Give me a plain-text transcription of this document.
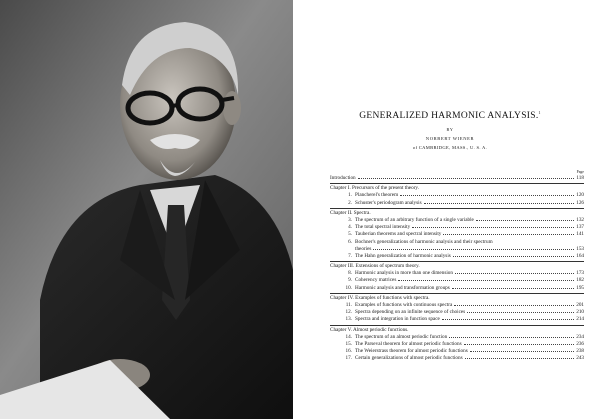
GENERALIZED HARMONIC ANALYSIS.$^1$
BY
NORBERT WIENER
of CAMBRIDGE, MASS., U. S. A.
Page
Introduction	118
Chapter I. Precursors of the present theory.
1. Plancherel's theorem	120
2. Schuster's periodogram analysis	126
Chapter II. Spectra.
3. The spectrum of an arbitrary function of a single variable	132
4. The total spectral intensity	137
5. Tauberian theorems and spectral intensity	141
6. Bochner's generalizations of harmonic analysis and their spectrum
theories	153
7. The Hahn generalization of harmonic analysis	164
Chapter III. Extensions of spectrum theory.
8. Harmonic analysis in more than one dimension	173
9. Coherency matrices	182
10. Harmonic analysis and transformation groups	195
Chapter IV. Examples of functions with spectra.
11. Examples of functions with continuous spectra	201
12. Spectra depending on an infinite sequence of choices	210
13. Spectra and integration in function space	214
Chapter V. Almost periodic functions.
14. The spectrum of an almost periodic function	234
15. The Parseval theorem for almost periodic functions	236
16. The Weierstrass theorem for almost periodic functions	238
17. Certain generalizations of almost periodic functions	243
